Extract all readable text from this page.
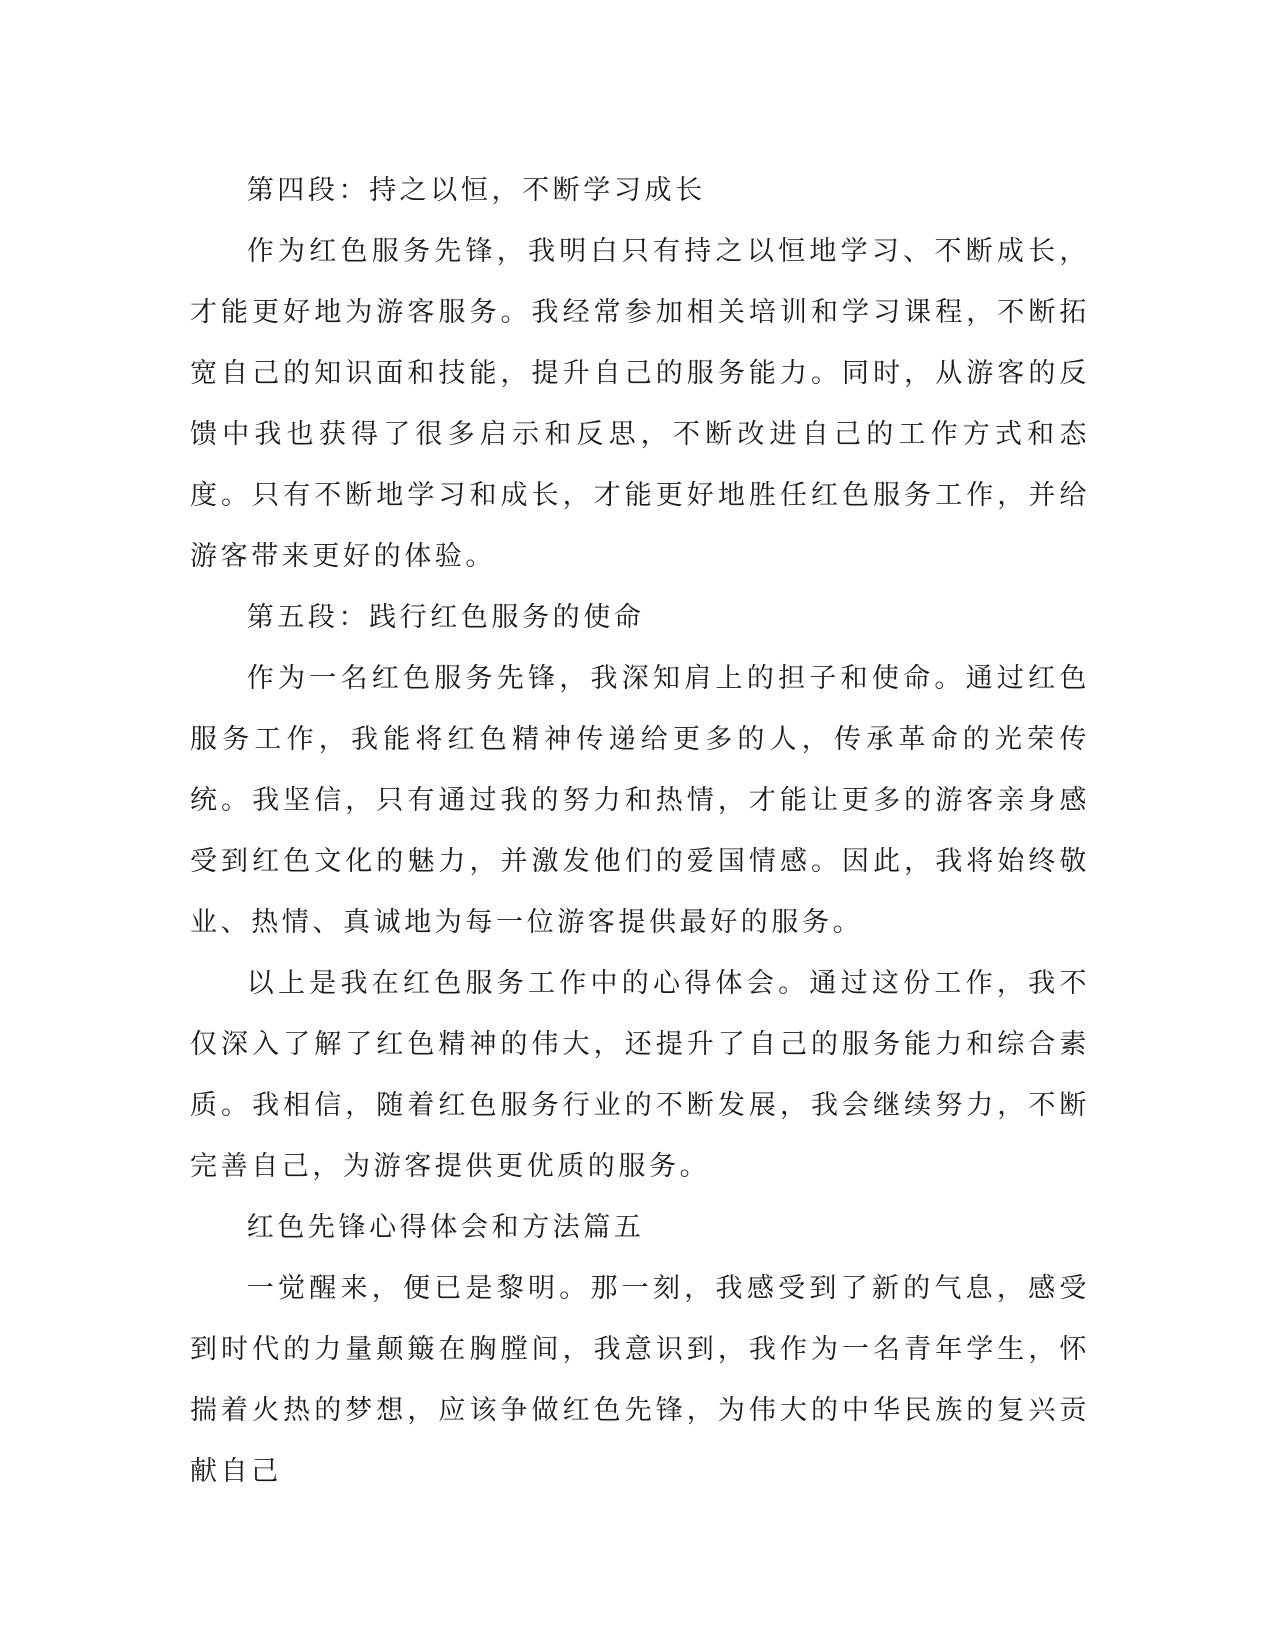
第四段：持之以恒，不断学习成长

作为红色服务先锋，我明白只有持之以恒地学习、不断成长，才能更好地为游客服务。我经常参加相关培训和学习课程，不断拓宽自己的知识面和技能，提升自己的服务能力。同时，从游客的反馈中我也获得了很多启示和反思，不断改进自己的工作方式和态度。只有不断地学习和成长，才能更好地胜任红色服务工作，并给游客带来更好的体验。

第五段：践行红色服务的使命

作为一名红色服务先锋，我深知肩上的担子和使命。通过红色服务工作，我能将红色精神传递给更多的人，传承革命的光荣传统。我坚信，只有通过我的努力和热情，才能让更多的游客亲身感受到红色文化的魅力，并激发他们的爱国情感。因此，我将始终敬业、热情、真诚地为每一位游客提供最好的服务。

以上是我在红色服务工作中的心得体会。通过这份工作，我不仅深入了解了红色精神的伟大，还提升了自己的服务能力和综合素质。我相信，随着红色服务行业的不断发展，我会继续努力，不断完善自己，为游客提供更优质的服务。

红色先锋心得体会和方法篇五

一觉醒来，便已是黎明。那一刻，我感受到了新的气息，感受到时代的力量颠簸在胸膛间，我意识到，我作为一名青年学生，怀揣着火热的梦想，应该争做红色先锋，为伟大的中华民族的复兴贡献自己
